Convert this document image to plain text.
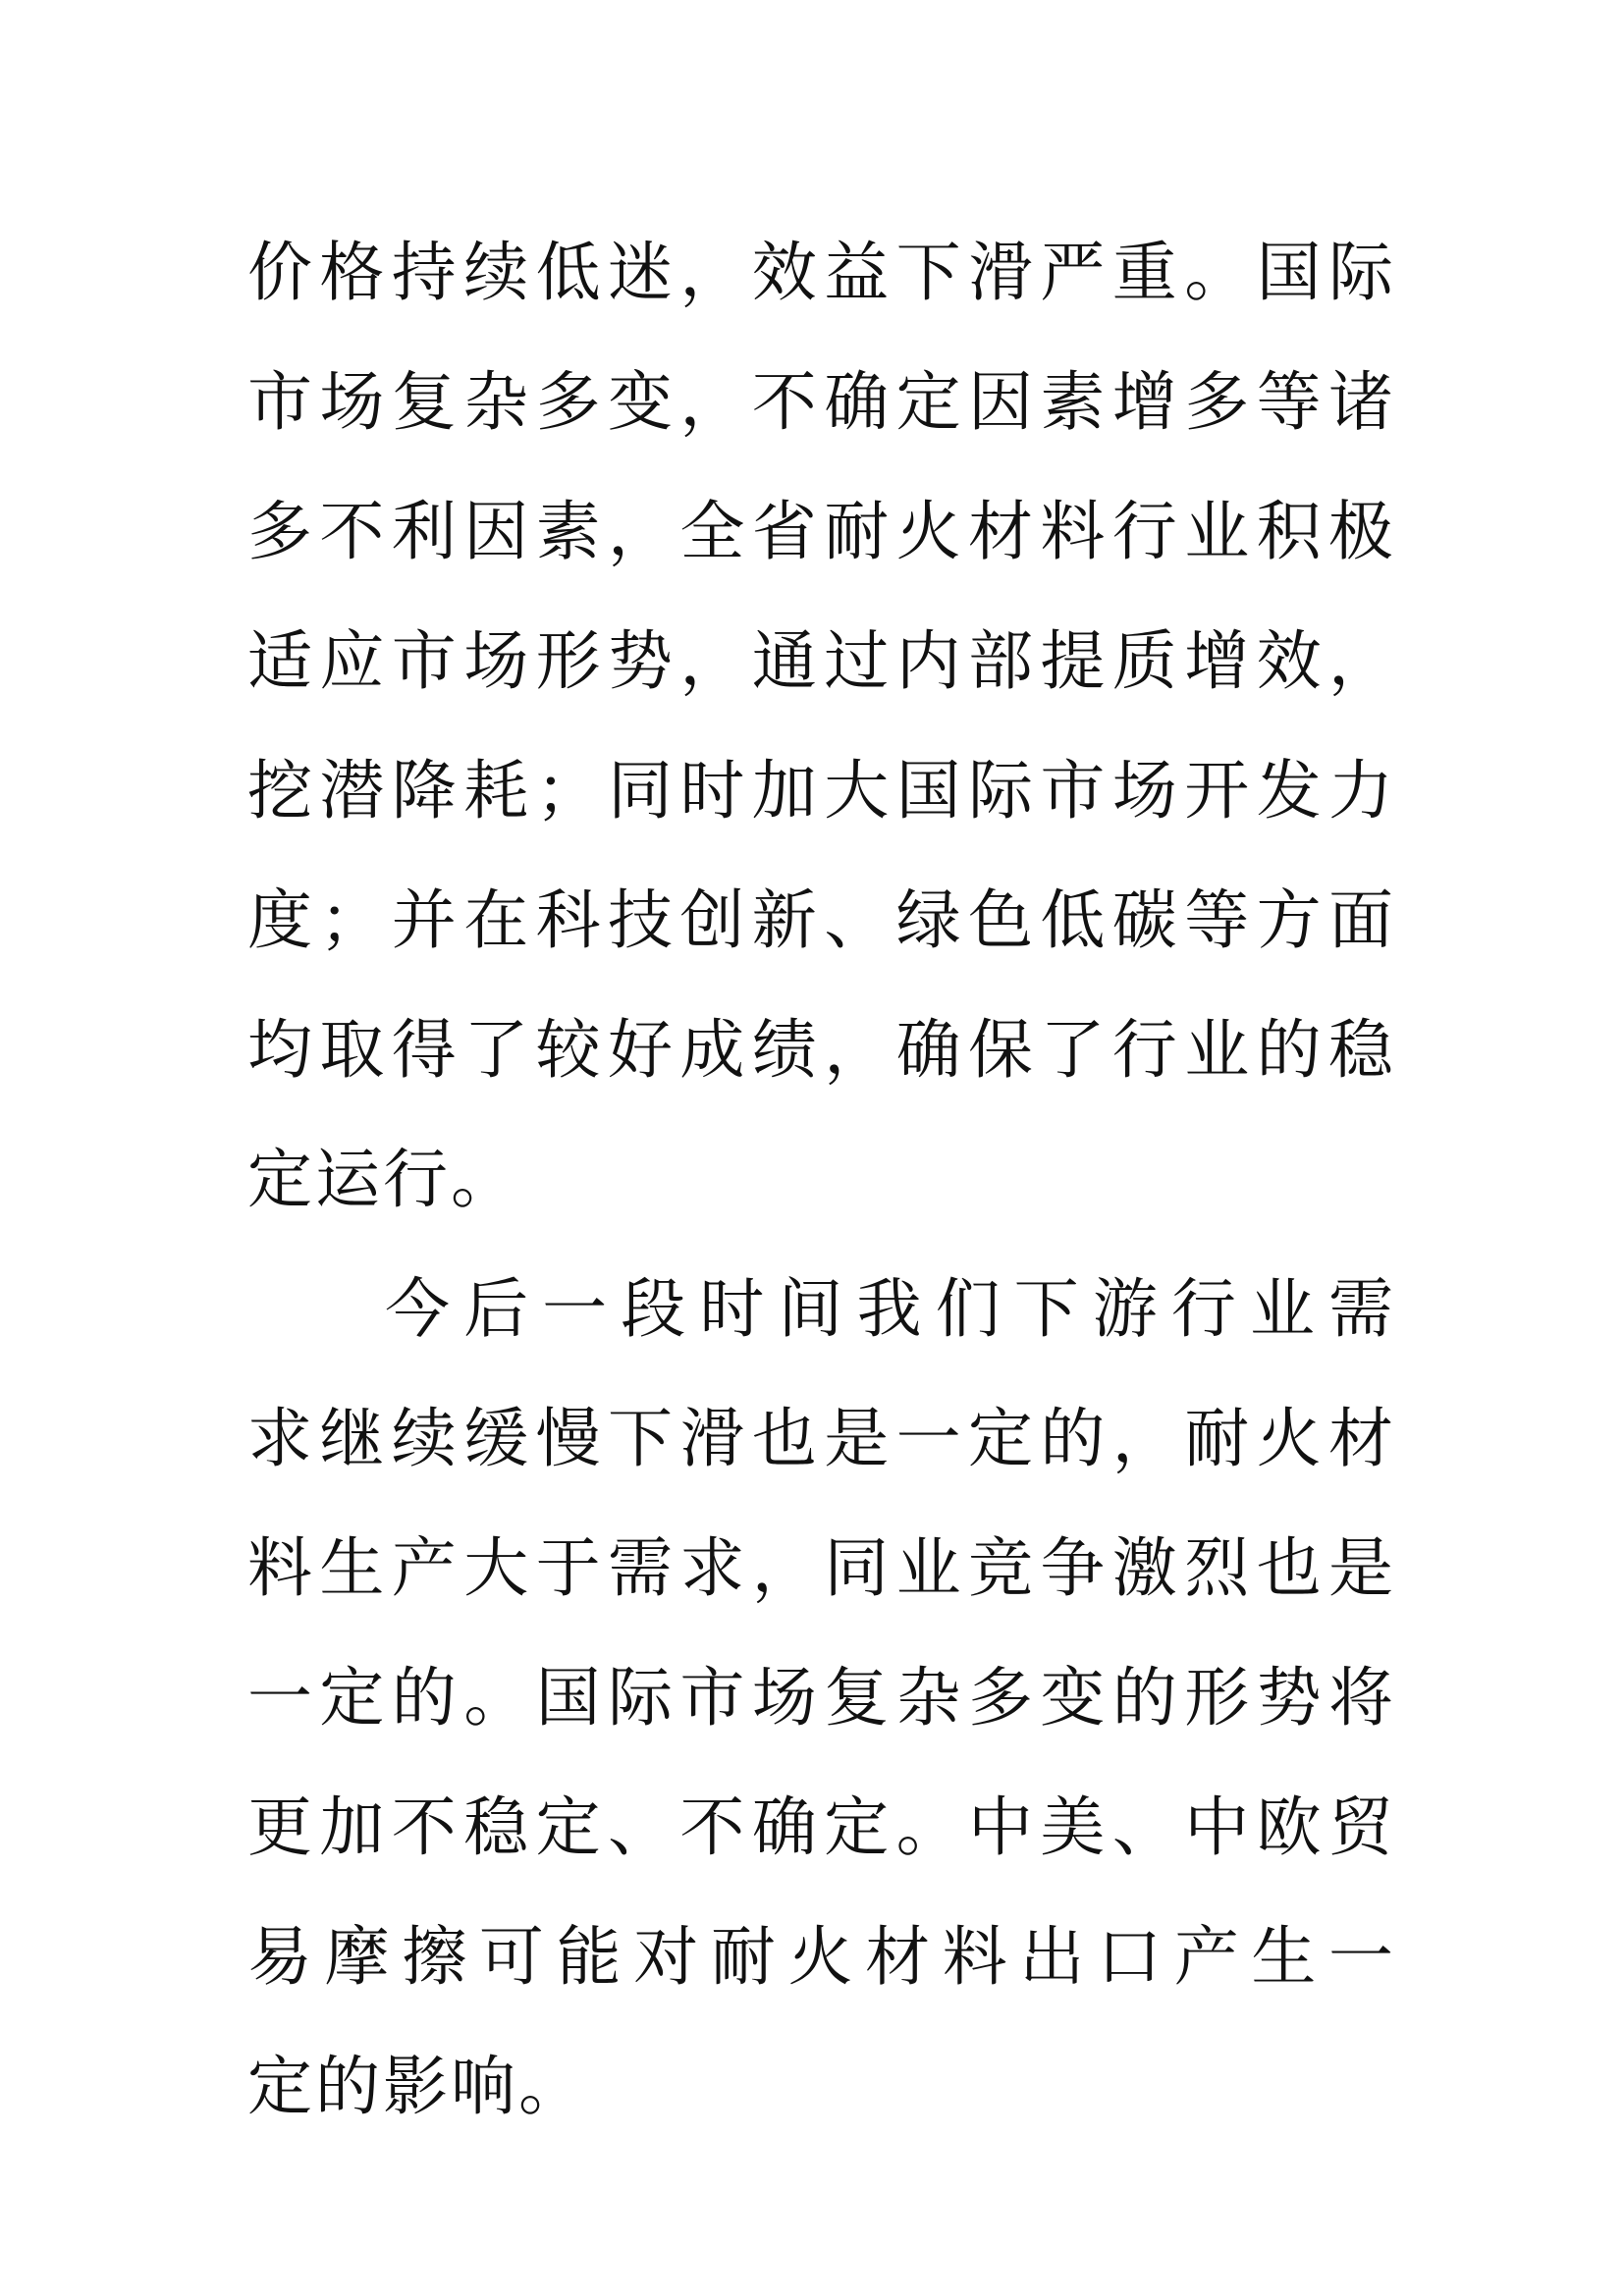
价格持续低迷，效益下滑严重。国际
市场复杂多变，不确定因素增多等诸
多不利因素，全省耐火材料行业积极
适应市场形势，通过内部提质增效，
挖潜降耗；同时加大国际市场开发力
度；并在科技创新、绿色低碳等方面
均取得了较好成绩，确保了行业的稳
定运行。
今后一段时间我们下游行业需
求继续缓慢下滑也是一定的，耐火材
料生产大于需求，同业竞争激烈也是
一定的。国际市场复杂多变的形势将
更加不稳定、不确定。中美、中欧贸
易摩擦可能对耐火材料出口产生一
定的影响。
